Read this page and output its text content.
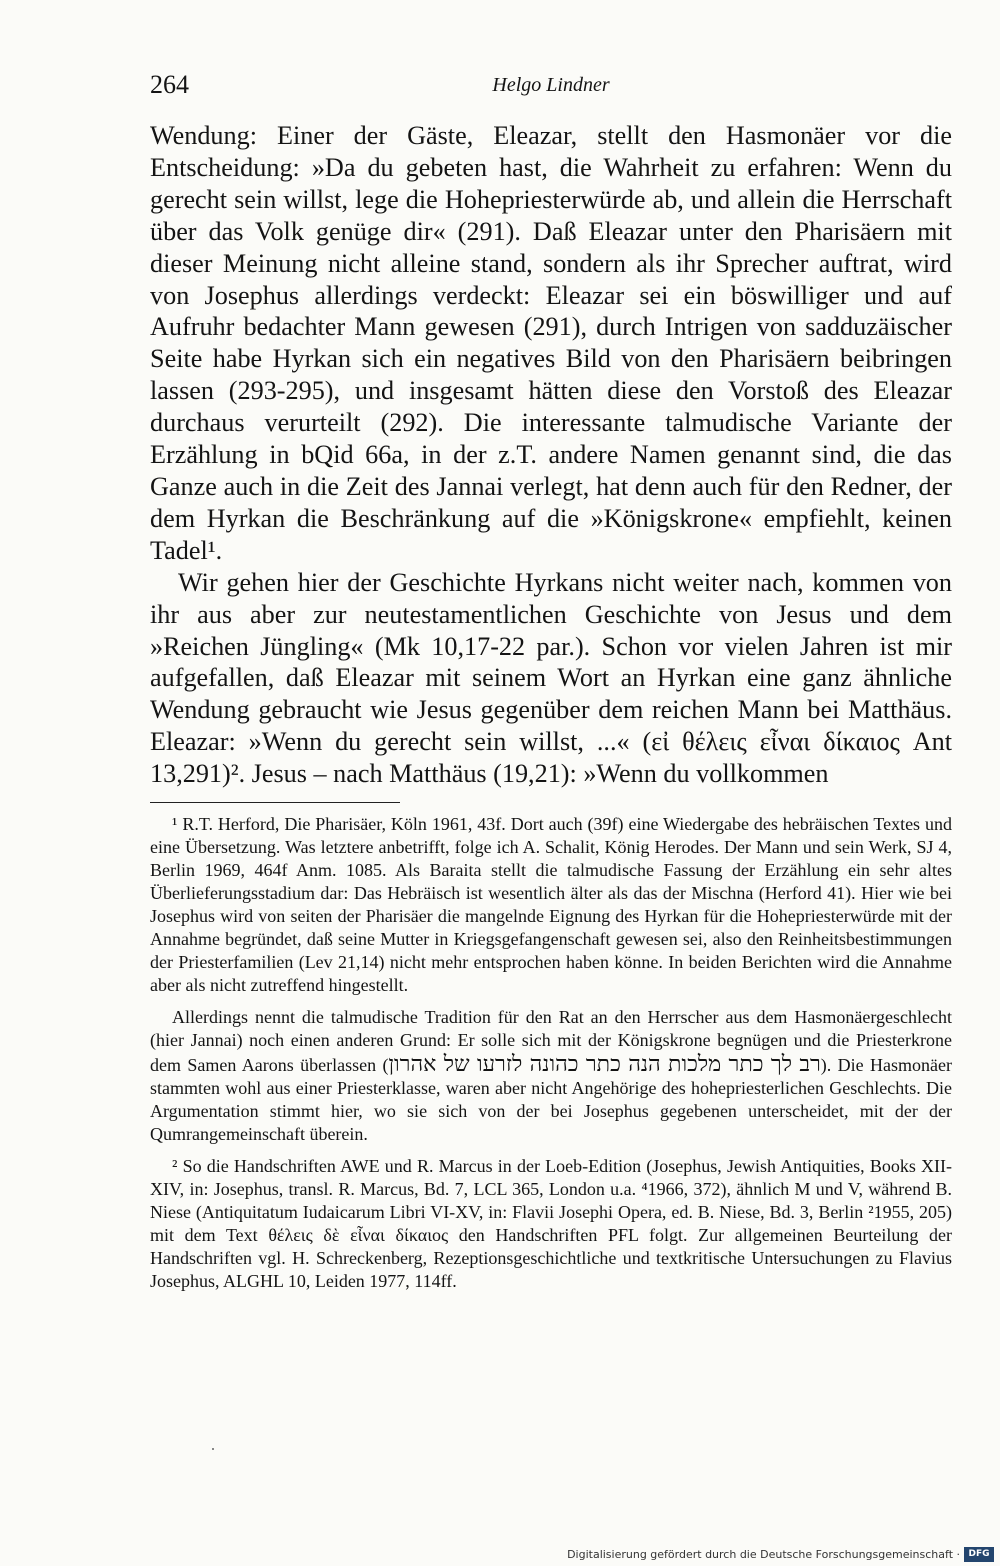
264	Helgo Lindner

Wendung: Einer der Gäste, Eleazar, stellt den Hasmonäer vor die Entscheidung: »Da du gebeten hast, die Wahrheit zu erfahren: Wenn du gerecht sein willst, lege die Hohepriesterwürde ab, und allein die Herrschaft über das Volk genüge dir« (291). Daß Eleazar unter den Pharisäern mit dieser Meinung nicht alleine stand, sondern als ihr Sprecher auftrat, wird von Josephus allerdings verdeckt: Eleazar sei ein böswilliger und auf Aufruhr bedachter Mann gewesen (291), durch Intrigen von sadduzäischer Seite habe Hyrkan sich ein negatives Bild von den Pharisäern beibringen lassen (293-295), und insgesamt hätten diese den Vorstoß des Eleazar durchaus verurteilt (292). Die interessante talmudische Variante der Erzählung in bQid 66a, in der z.T. andere Namen genannt sind, die das Ganze auch in die Zeit des Jannai verlegt, hat denn auch für den Redner, der dem Hyrkan die Beschränkung auf die »Königskrone« empfiehlt, keinen Tadel¹.

Wir gehen hier der Geschichte Hyrkans nicht weiter nach, kommen von ihr aus aber zur neutestamentlichen Geschichte von Jesus und dem »Reichen Jüngling« (Mk 10,17-22 par.). Schon vor vielen Jahren ist mir aufgefallen, daß Eleazar mit seinem Wort an Hyrkan eine ganz ähnliche Wendung gebraucht wie Jesus gegenüber dem reichen Mann bei Matthäus. Eleazar: »Wenn du gerecht sein willst, ...« (εἰ θέλεις εἶναι δίκαιος Ant 13,291)². Jesus – nach Matthäus (19,21): »Wenn du vollkommen

¹ R.T. Herford, Die Pharisäer, Köln 1961, 43f. Dort auch (39f) eine Wiedergabe des hebräischen Textes und eine Übersetzung. Was letztere anbetrifft, folge ich A. Schalit, König Herodes. Der Mann und sein Werk, SJ 4, Berlin 1969, 464f Anm. 1085. Als Baraita stellt die talmudische Fassung der Erzählung ein sehr altes Überlieferungsstadium dar: Das Hebräisch ist wesentlich älter als das der Mischna (Herford 41). Hier wie bei Josephus wird von seiten der Pharisäer die mangelnde Eignung des Hyrkan für die Hohepriesterwürde mit der Annahme begründet, daß seine Mutter in Kriegsgefangenschaft gewesen sei, also den Reinheitsbestimmungen der Priesterfamilien (Lev 21,14) nicht mehr entsprochen haben könne. In beiden Berichten wird die Annahme aber als nicht zutreffend hingestellt.

Allerdings nennt die talmudische Tradition für den Rat an den Herrscher aus dem Hasmonäergeschlecht (hier Jannai) noch einen anderen Grund: Er solle sich mit der Königskrone begnügen und die Priesterkrone dem Samen Aarons überlassen (רב לך כתר מלכות הנה כתר כהונה לזרעו של אהרון). Die Hasmonäer stammten wohl aus einer Priesterklasse, waren aber nicht Angehörige des hohepriesterlichen Geschlechts. Die Argumentation stimmt hier, wo sie sich von der bei Josephus gegebenen unterscheidet, mit der der Qumrangemeinschaft überein.

² So die Handschriften AWE und R. Marcus in der Loeb-Edition (Josephus, Jewish Antiquities, Books XII-XIV, in: Josephus, transl. R. Marcus, Bd. 7, LCL 365, London u.a. ⁴1966, 372), ähnlich M und V, während B. Niese (Antiquitatum Iudaicarum Libri VI-XV, in: Flavii Josephi Opera, ed. B. Niese, Bd. 3, Berlin ²1955, 205) mit dem Text θέλεις δὲ εἶναι δίκαιος den Handschriften PFL folgt. Zur allgemeinen Beurteilung der Handschriften vgl. H. Schreckenberg, Rezeptionsgeschichtliche und textkritische Untersuchungen zu Flavius Josephus, ALGHL 10, Leiden 1977, 114ff.

Digitalisierung gefördert durch die Deutsche Forschungsgemeinschaft · DFG
